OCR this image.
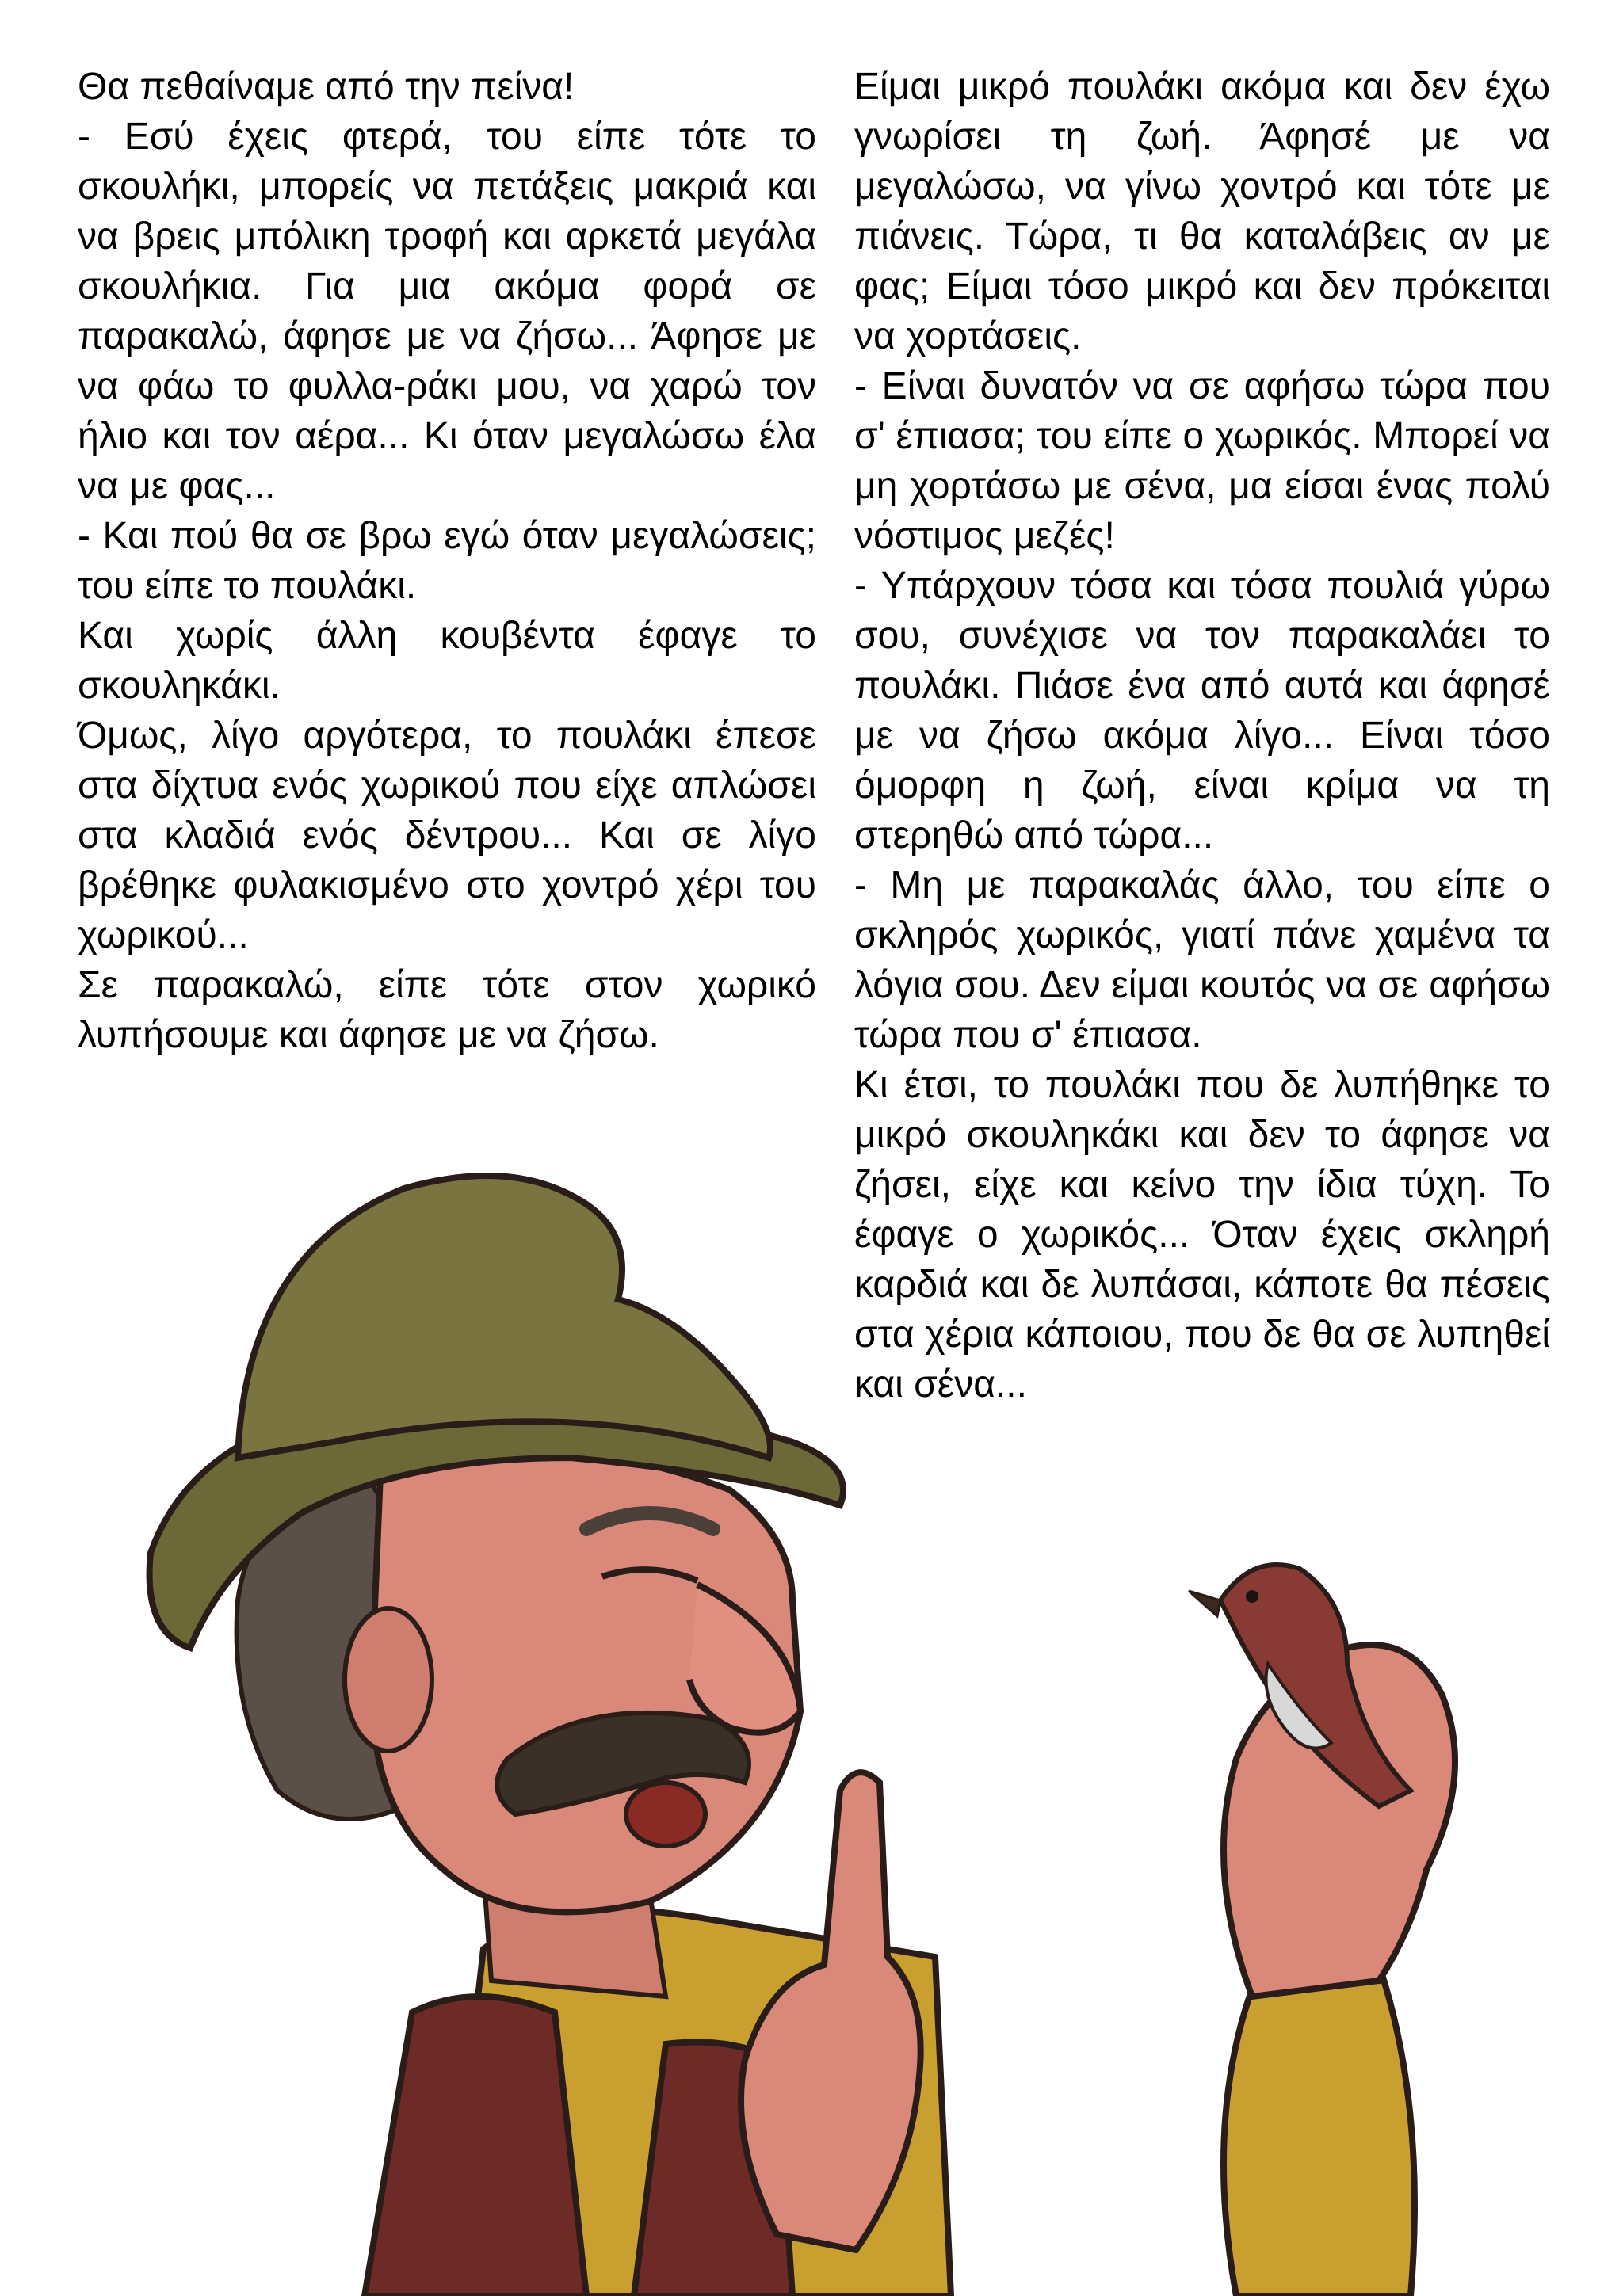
Θα πεθαίναμε από την πείνα!

- Εσύ έχεις φτερά, του είπε τότε το σκουλήκι, μπορείς να πετάξεις μακριά και να βρεις μπόλικη τροφή και αρκετά μεγάλα σκουλήκια. Για μια ακόμα φορά σε παρακαλώ, άφησε με να ζήσω... Άφησε με να φάω το φυλλα-ράκι μου, να χαρώ τον ήλιο και τον αέρα... Κι όταν μεγαλώσω έλα να με φας...

- Και πού θα σε βρω εγώ όταν μεγαλώσεις; του είπε το πουλάκι.

Και χωρίς άλλη κουβέντα έφαγε το σκουληκάκι.

Όμως, λίγο αργότερα, το πουλάκι έπεσε στα δίχτυα ενός χωρικού που είχε απλώσει στα κλαδιά ενός δέντρου... Και σε λίγο βρέθηκε φυλακισμένο στο χοντρό χέρι του χωρικού...

Σε παρακαλώ, είπε τότε στον χωρικό λυπήσουμε και άφησε με να ζήσω.

Είμαι μικρό πουλάκι ακόμα και δεν έχω γνωρίσει τη ζωή. Άφησέ με να μεγαλώσω, να γίνω χοντρό και τότε με πιάνεις. Τώρα, τι θα καταλάβεις αν με φας; Είμαι τόσο μικρό και δεν πρόκειται να χορτάσεις.

- Είναι δυνατόν να σε αφήσω τώρα που σ' έπιασα; του είπε ο χωρικός. Μπορεί να μη χορτάσω με σένα, μα είσαι ένας πολύ νόστιμος μεζές!

- Υπάρχουν τόσα και τόσα πουλιά γύρω σου, συνέχισε να τον παρακαλάει το πουλάκι. Πιάσε ένα από αυτά και άφησέ με να ζήσω ακόμα λίγο... Είναι τόσο όμορφη η ζωή, είναι κρίμα να τη στερηθώ από τώρα...

- Μη με παρακαλάς άλλο, του είπε ο σκληρός χωρικός, γιατί πάνε χαμένα τα λόγια σου. Δεν είμαι κουτός να σε αφήσω τώρα που σ' έπιασα.

Κι έτσι, το πουλάκι που δε λυπήθηκε το μικρό σκουληκάκι και δεν το άφησε να ζήσει, είχε και κείνο την ίδια τύχη. Το έφαγε ο χωρικός... Όταν έχεις σκληρή καρδιά και δε λυπάσαι, κάποτε θα πέσεις στα χέρια κάποιου, που δε θα σε λυπηθεί και σένα...
